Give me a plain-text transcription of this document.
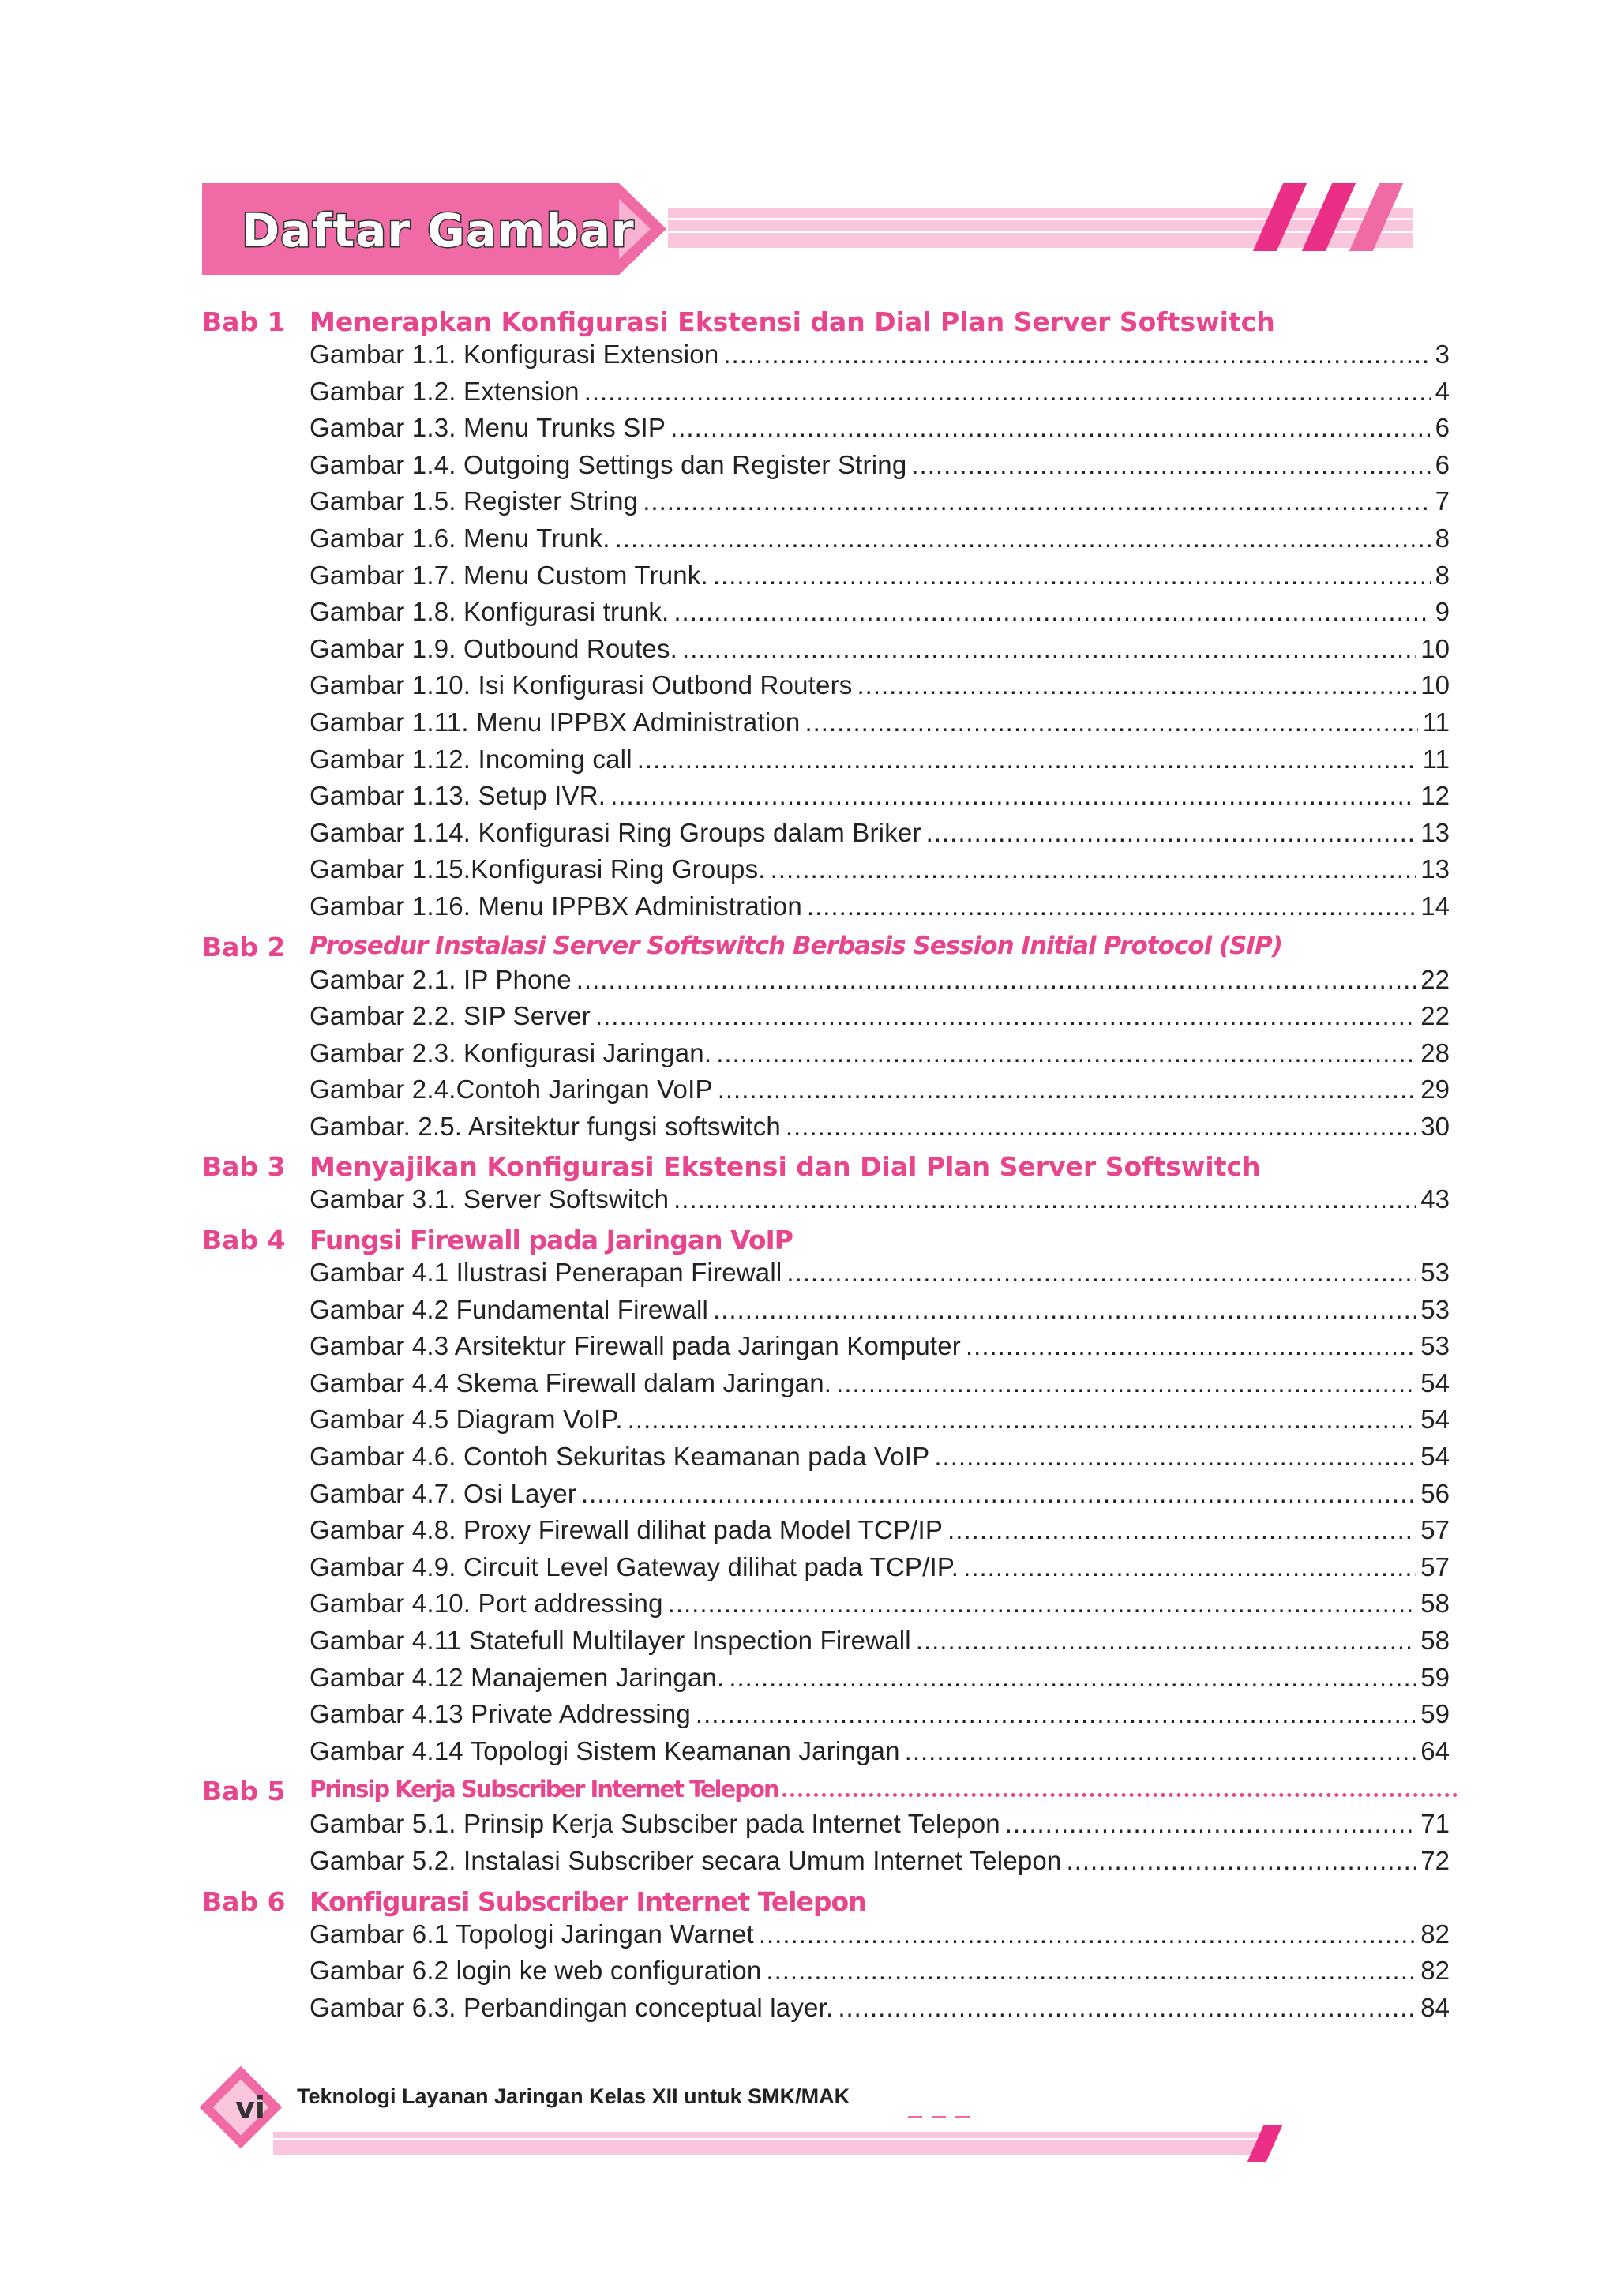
Daftar Gambar
Bab 1 Menerapkan Konfigurasi Ekstensi dan Dial Plan Server Softswitch
Gambar 1.1. Konfigurasi Extension .....	3
Gambar 1.2. Extension .....	4
Gambar 1.3. Menu Trunks SIP .....	6
Gambar 1.4. Outgoing Settings dan Register String .....	6
Gambar 1.5. Register String .....	7
Gambar 1.6. Menu Trunk. .....	8
Gambar 1.7. Menu Custom Trunk. .....	8
Gambar 1.8. Konfigurasi trunk. .....	9
Gambar 1.9. Outbound Routes. .....	10
Gambar 1.10. Isi Konfigurasi Outbond Routers .....	10
Gambar 1.11. Menu IPPBX Administration .....	11
Gambar 1.12. Incoming call .....	11
Gambar 1.13. Setup IVR. .....	12
Gambar 1.14. Konfigurasi Ring Groups dalam Briker .....	13
Gambar 1.15.Konfigurasi Ring Groups. .....	13
Gambar 1.16. Menu IPPBX Administration .....	14
Bab 2 Prosedur Instalasi Server Softswitch Berbasis Session Initial Protocol (SIP)
Gambar 2.1. IP Phone .....	22
Gambar 2.2. SIP Server .....	22
Gambar 2.3. Konfigurasi Jaringan. .....	28
Gambar 2.4.Contoh Jaringan VoIP .....	29
Gambar. 2.5. Arsitektur fungsi softswitch .....	30
Bab 3 Menyajikan Konfigurasi Ekstensi dan Dial Plan Server Softswitch
Gambar 3.1. Server Softswitch .....	43
Bab 4 Fungsi Firewall pada Jaringan VoIP
Gambar 4.1 Ilustrasi Penerapan Firewall .....	53
Gambar 4.2 Fundamental Firewall .....	53
Gambar 4.3 Arsitektur Firewall pada Jaringan Komputer .....	53
Gambar 4.4 Skema Firewall dalam Jaringan. .....	54
Gambar 4.5 Diagram VoIP. .....	54
Gambar 4.6. Contoh Sekuritas Keamanan pada VoIP .....	54
Gambar 4.7. Osi Layer .....	56
Gambar 4.8. Proxy Firewall dilihat pada Model TCP/IP .....	57
Gambar 4.9. Circuit Level Gateway dilihat pada TCP/IP. .....	57
Gambar 4.10. Port addressing .....	58
Gambar 4.11 Statefull Multilayer Inspection Firewall .....	58
Gambar 4.12 Manajemen Jaringan. .....	59
Gambar 4.13 Private Addressing .....	59
Gambar 4.14 Topologi Sistem Keamanan Jaringan .....	64
Bab 5 Prinsip Kerja Subscriber Internet Telepon
Gambar 5.1. Prinsip Kerja Subsciber pada Internet Telepon .....	71
Gambar 5.2. Instalasi Subscriber secara Umum Internet Telepon .....	72
Bab 6 Konfigurasi Subscriber Internet Telepon
Gambar 6.1 Topologi Jaringan Warnet .....	82
Gambar 6.2 login ke web configuration .....	82
Gambar 6.3. Perbandingan conceptual layer. .....	84
vi	Teknologi Layanan Jaringan Kelas XII untuk SMK/MAK
